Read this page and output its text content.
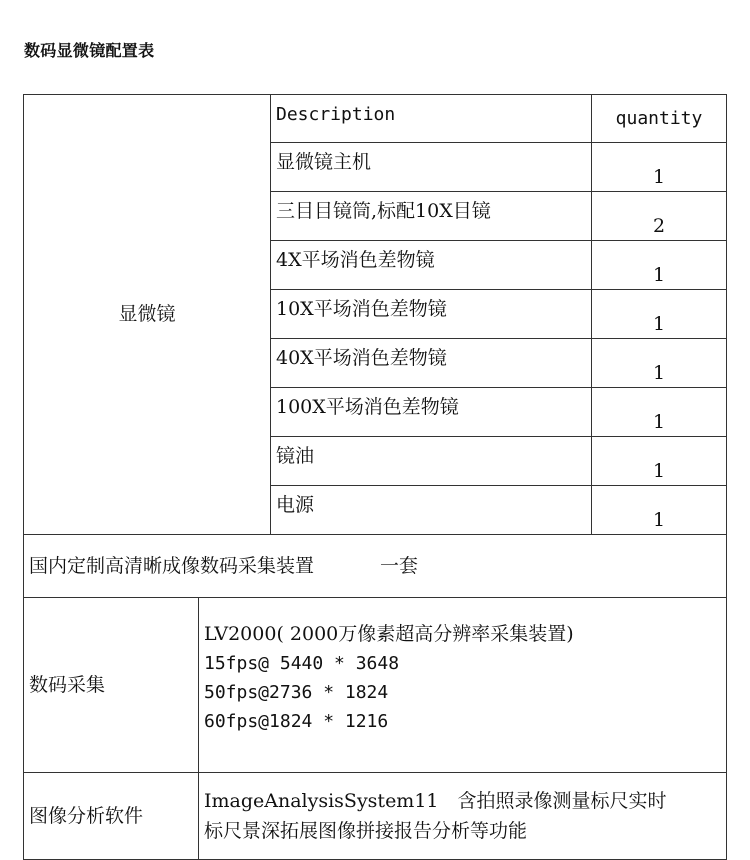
数码显微镜配置表
显微镜		Description	quantity
		显微镜主机	1
		三目目镜筒,标配10X目镜	2
		4X平场消色差物镜	1
		10X平场消色差物镜	1
		40X平场消色差物镜	1
		100X平场消色差物镜	1
		镜油	1
		电源	1
国内定制高清晰成像数码采集装置 一套			
数码采集	LV2000( 2000万像素超高分辨率采集装置)
15fps@ 5440 * 3648
50fps@2736 * 1824
60fps@1824 * 1216		

图像分析软件	ImageAnalysisSystem11　含拍照录像测量标尺实时
标尺景深拓展图像拼接报告分析等功能		
